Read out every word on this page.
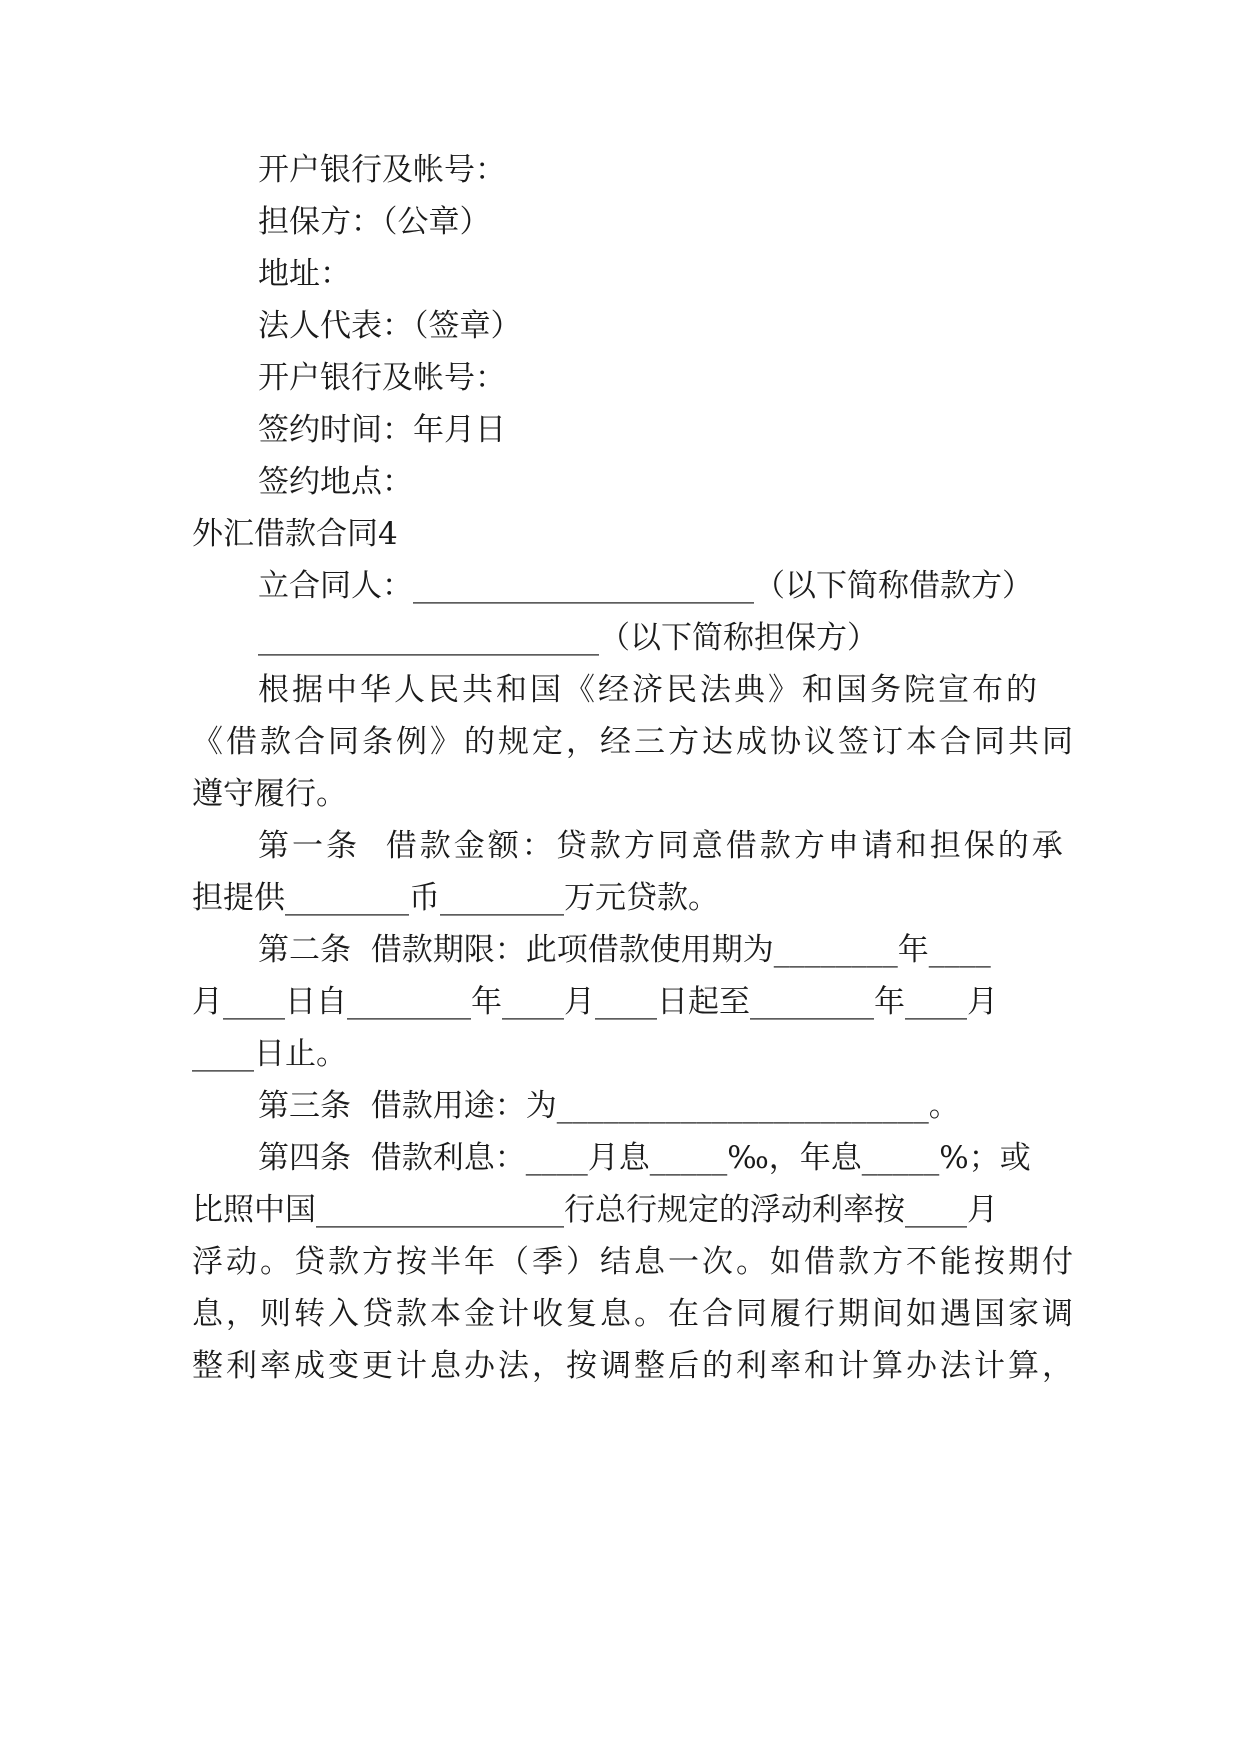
开户银行及帐号：
担保方：（公章）
地址：
法人代表：（签章）
开户银行及帐号：
签约时间：年月日
签约地点：
外汇借款合同4
立合同人：______________________（以下简称借款方）
______________________（以下简称担保方）
根据中华人民共和国《经济民法典》和国务院宣布的
《借款合同条例》的规定，经三方达成协议签订本合同共同
遵守履行。
第一条  借款金额：贷款方同意借款方申请和担保的承
担提供________币________万元贷款。
第二条  借款期限：此项借款使用期为________年____
月____日自________年____月____日起至________年____月
____日止。
第三条  借款用途：为________________________。
第四条  借款利息：____月息_____‰，年息_____%；或
比照中国________________行总行规定的浮动利率按____月
浮动。贷款方按半年（季）结息一次。如借款方不能按期付
息，则转入贷款本金计收复息。在合同履行期间如遇国家调
整利率成变更计息办法，按调整后的利率和计算办法计算，
